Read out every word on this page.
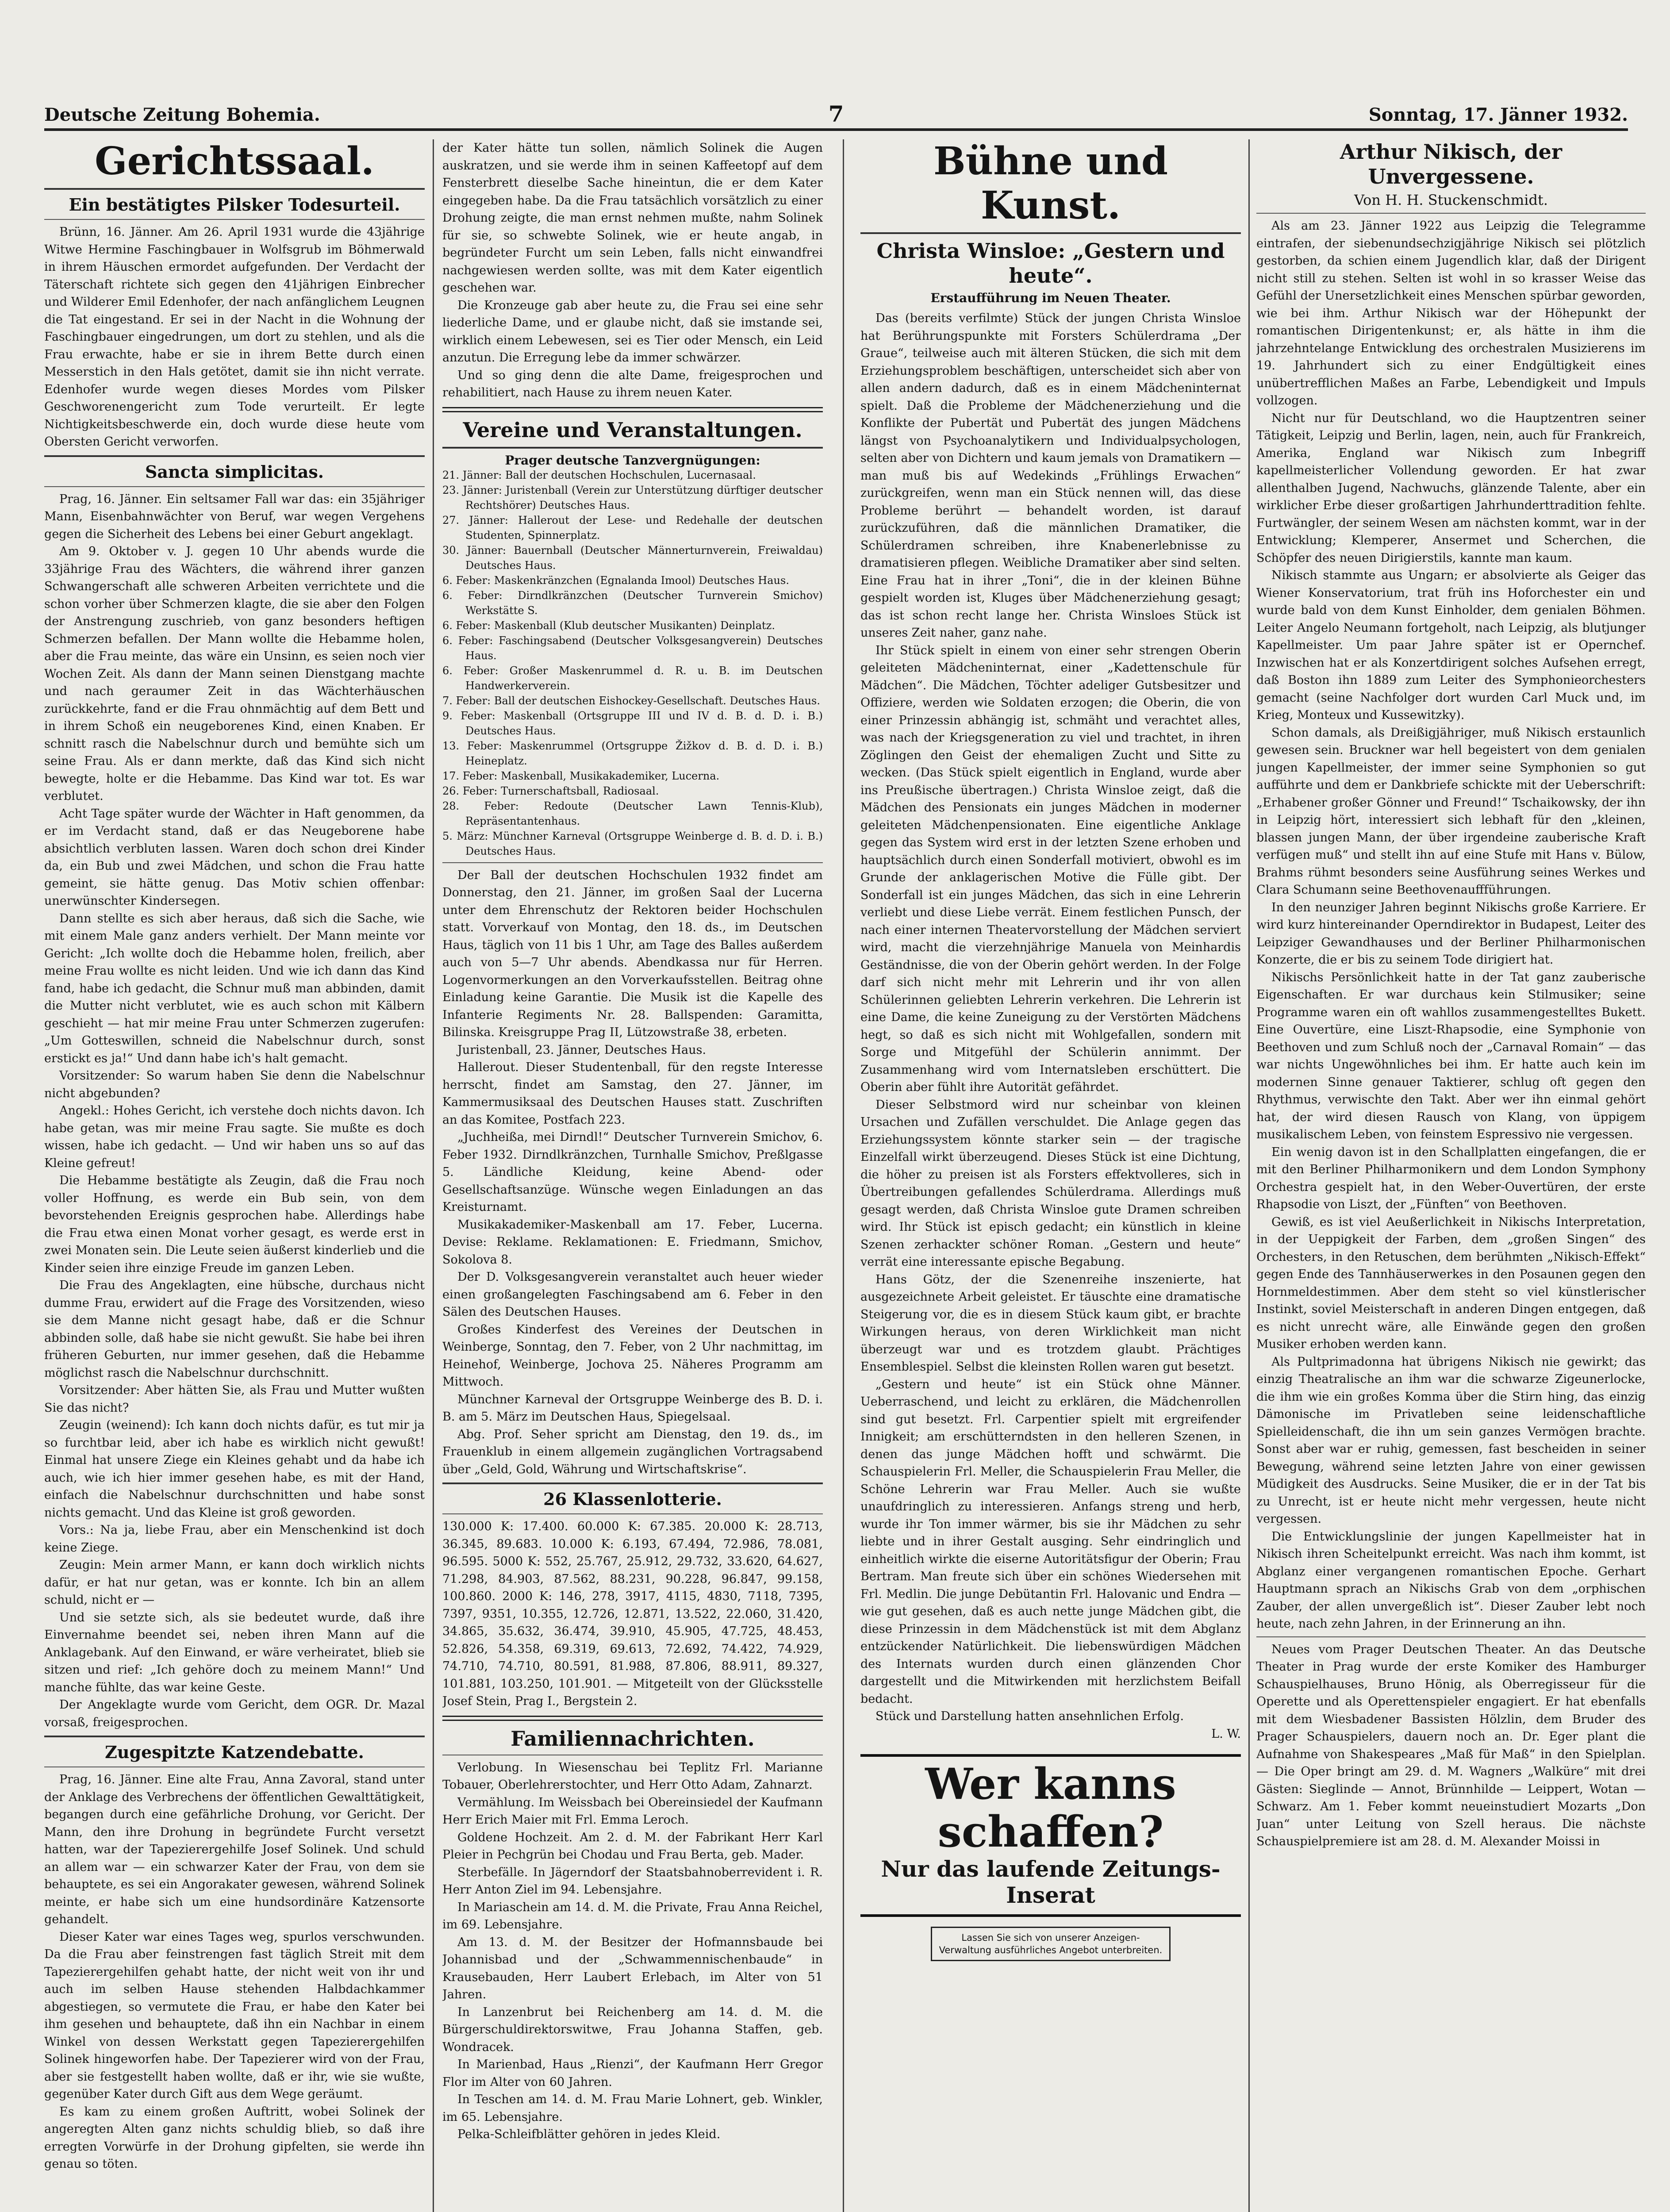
Deutsche Zeitung Bohemia.	7	Sonntag, 17. Jänner 1932.
Gerichtssaal.
Ein bestätigtes Pilsker Todesurteil.

Brünn, 16. Jänner. Am 26. April 1931 wurde die 43jährige Witwe Hermine Faschingbauer in Wolfsgrub im Böhmerwald in ihrem Häuschen ermordet aufgefunden. Der Verdacht der Täterschaft richtete sich gegen den 41jährigen Einbrecher und Wilderer Emil Edenhofer, der nach anfänglichem Leugnen die Tat eingestand. Er sei in der Nacht in die Wohnung der Faschingbauer eingedrungen, um dort zu stehlen, und als die Frau erwachte, habe er sie in ihrem Bette durch einen Messerstich in den Hals getötet, damit sie ihn nicht verrate. Edenhofer wurde wegen dieses Mordes vom Pilsker Geschworenengericht zum Tode verurteilt. Er legte Nichtigkeitsbeschwerde ein, doch wurde diese heute vom Obersten Gericht verworfen.

Sancta simplicitas.

Prag, 16. Jänner. Ein seltsamer Fall war das: ein 35jähriger Mann, Eisenbahnwächter von Beruf, war wegen Vergehens gegen die Sicherheit des Lebens bei einer Geburt angeklagt.

Am 9. Oktober v. J. gegen 10 Uhr abends wurde die 33jährige Frau des Wächters, die während ihrer ganzen Schwangerschaft alle schweren Arbeiten verrichtete und die schon vorher über Schmerzen klagte, die sie aber den Folgen der Anstrengung zuschrieb, von ganz besonders heftigen Schmerzen befallen. Der Mann wollte die Hebamme holen, aber die Frau meinte, das wäre ein Unsinn, es seien noch vier Wochen Zeit. Als dann der Mann seinen Dienstgang machte und nach geraumer Zeit in das Wächterhäuschen zurückkehrte, fand er die Frau ohnmächtig auf dem Bett und in ihrem Schoß ein neugeborenes Kind, einen Knaben. Er schnitt rasch die Nabelschnur durch und bemühte sich um seine Frau. Als er dann merkte, daß das Kind sich nicht bewegte, holte er die Hebamme. Das Kind war tot. Es war verblutet.

Acht Tage später wurde der Wächter in Haft genommen, da er im Verdacht stand, daß er das Neugeborene habe absichtlich verbluten lassen. Waren doch schon drei Kinder da, ein Bub und zwei Mädchen, und schon die Frau hatte gemeint, sie hätte genug. Das Motiv schien offenbar: unerwünschter Kindersegen.

Dann stellte es sich aber heraus, daß sich die Sache, wie mit einem Male ganz anders verhielt. Der Mann meinte vor Gericht: „Ich wollte doch die Hebamme holen, freilich, aber meine Frau wollte es nicht leiden. Und wie ich dann das Kind fand, habe ich gedacht, die Schnur muß man abbinden, damit die Mutter nicht verblutet, wie es auch schon mit Kälbern geschieht — hat mir meine Frau unter Schmerzen zugerufen: „Um Gotteswillen, schneid die Nabelschnur durch, sonst erstickt es ja!“ Und dann habe ich's halt gemacht.

Vorsitzender: So warum haben Sie denn die Nabelschnur nicht abgebunden?

Angekl.: Hohes Gericht, ich verstehe doch nichts davon. Ich habe getan, was mir meine Frau sagte. Sie mußte es doch wissen, habe ich gedacht. — Und wir haben uns so auf das Kleine gefreut!

Die Hebamme bestätigte als Zeugin, daß die Frau noch voller Hoffnung, es werde ein Bub sein, von dem bevorstehenden Ereignis gesprochen habe. Allerdings habe die Frau etwa einen Monat vorher gesagt, es werde erst in zwei Monaten sein. Die Leute seien äußerst kinderlieb und die Kinder seien ihre einzige Freude im ganzen Leben.

Die Frau des Angeklagten, eine hübsche, durchaus nicht dumme Frau, erwidert auf die Frage des Vorsitzenden, wieso sie dem Manne nicht gesagt habe, daß er die Schnur abbinden solle, daß habe sie nicht gewußt. Sie habe bei ihren früheren Geburten, nur immer gesehen, daß die Hebamme möglichst rasch die Nabelschnur durchschnitt.

Vorsitzender: Aber hätten Sie, als Frau und Mutter wußten Sie das nicht?

Zeugin (weinend): Ich kann doch nichts dafür, es tut mir ja so furchtbar leid, aber ich habe es wirklich nicht gewußt! Einmal hat unsere Ziege ein Kleines gehabt und da habe ich auch, wie ich hier immer gesehen habe, es mit der Hand, einfach die Nabelschnur durchschnitten und habe sonst nichts gemacht. Und das Kleine ist groß geworden.

Vors.: Na ja, liebe Frau, aber ein Menschenkind ist doch keine Ziege.

Zeugin: Mein armer Mann, er kann doch wirklich nichts dafür, er hat nur getan, was er konnte. Ich bin an allem schuld, nicht er —

Und sie setzte sich, als sie bedeutet wurde, daß ihre Einvernahme beendet sei, neben ihren Mann auf die Anklagebank. Auf den Einwand, er wäre verheiratet, blieb sie sitzen und rief: „Ich gehöre doch zu meinem Mann!“ Und manche fühlte, das war keine Geste.

Der Angeklagte wurde vom Gericht, dem OGR. Dr. Mazal vorsaß, freigesprochen.

Zugespitzte Katzendebatte.

Prag, 16. Jänner. Eine alte Frau, Anna Zavoral, stand unter der Anklage des Verbrechens der öffentlichen Gewalttätigkeit, begangen durch eine gefährliche Drohung, vor Gericht. Der Mann, den ihre Drohung in begründete Furcht versetzt hatten, war der Tapezierergehilfe Josef Solinek. Und schuld an allem war — ein schwarzer Kater der Frau, von dem sie behauptete, es sei ein Angorakater gewesen, während Solinek meinte, er habe sich um eine hundsordinäre Katzensorte gehandelt.

Dieser Kater war eines Tages weg, spurlos verschwunden. Da die Frau aber feinstrengen fast täglich Streit mit dem Tapezierergehilfen gehabt hatte, der nicht weit von ihr und auch im selben Hause stehenden Halbdachkammer abgestiegen, so vermutete die Frau, er habe den Kater bei ihm gesehen und behauptete, daß ihn ein Nachbar in einem Winkel von dessen Werkstatt gegen Tapezierergehilfen Solinek hingeworfen habe. Der Tapezierer wird von der Frau, aber sie festgestellt haben wollte, daß er ihr, wie sie wußte, gegenüber Kater durch Gift aus dem Wege geräumt.

Es kam zu einem großen Auftritt, wobei Solinek der angeregten Alten ganz nichts schuldig blieb, so daß ihre erregten Vorwürfe in der Drohung gipfelten, sie werde ihn genau so töten.

der Kater hätte tun sollen, nämlich Solinek die Augen auskratzen, und sie werde ihm in seinen Kaffeetopf auf dem Fensterbrett dieselbe Sache hineintun, die er dem Kater eingegeben habe. Da die Frau tatsächlich vorsätzlich zu einer Drohung zeigte, die man ernst nehmen mußte, nahm Solinek für sie, so schwebte Solinek, wie er heute angab, in begründeter Furcht um sein Leben, falls nicht einwandfrei nachgewiesen werden sollte, was mit dem Kater eigentlich geschehen war.

Die Kronzeuge gab aber heute zu, die Frau sei eine sehr liederliche Dame, und er glaube nicht, daß sie imstande sei, wirklich einem Lebewesen, sei es Tier oder Mensch, ein Leid anzutun. Die Erregung lebe da immer schwärzer.

Und so ging denn die alte Dame, freigesprochen und rehabilitiert, nach Hause zu ihrem neuen Kater.

Vereine und Veranstaltungen.
Prager deutsche Tanzvergnügungen:
21. Jänner: Ball der deutschen Hochschulen, Lucernasaal.
23. Jänner: Juristenball (Verein zur Unterstützung dürftiger deutscher Rechtshörer) Deutsches Haus.
27. Jänner: Hallerout der Lese- und Redehalle der deutschen Studenten, Spinnerplatz.
30. Jänner: Bauernball (Deutscher Männerturnverein, Freiwaldau) Deutsches Haus.
6. Feber: Maskenkränzchen (Egnalanda Imool) Deutsches Haus.
6. Feber: Dirndlkränzchen (Deutscher Turnverein Smichov) Werkstätte S.
6. Feber: Maskenball (Klub deutscher Musikanten) Deinplatz.
6. Feber: Faschingsabend (Deutscher Volksgesangverein) Deutsches Haus.
6. Feber: Großer Maskenrummel d. R. u. B. im Deutschen Handwerkerverein.
7. Feber: Ball der deutschen Eishockey-Gesellschaft. Deutsches Haus.
9. Feber: Maskenball (Ortsgruppe III und IV d. B. d. D. i. B.) Deutsches Haus.
13. Feber: Maskenrummel (Ortsgruppe Žižkov d. B. d. D. i. B.) Heineplatz.
17. Feber: Maskenball, Musikakademiker, Lucerna.
26. Feber: Turnerschaftsball, Radiosaal.
28. Feber: Redoute (Deutscher Lawn Tennis-Klub), Repräsentantenhaus.
5. März: Münchner Karneval (Ortsgruppe Weinberge d. B. d. D. i. B.) Deutsches Haus.

Der Ball der deutschen Hochschulen 1932 findet am Donnerstag, den 21. Jänner, im großen Saal der Lucerna unter dem Ehrenschutz der Rektoren beider Hochschulen statt. Vorverkauf von Montag, den 18. ds., im Deutschen Haus, täglich von 11 bis 1 Uhr, am Tage des Balles außerdem auch von 5—7 Uhr abends. Abendkassa nur für Herren. Logenvormerkungen an den Vorverkaufsstellen. Beitrag ohne Einladung keine Garantie. Die Musik ist die Kapelle des Infanterie Regiments Nr. 28. Ballspenden: Garamitta, Bilinska. Kreisgruppe Prag II, Lützowstraße 38, erbeten.

Juristenball, 23. Jänner, Deutsches Haus.

Hallerout. Dieser Studentenball, für den regste Interesse herrscht, findet am Samstag, den 27. Jänner, im Kammermusiksaal des Deutschen Hauses statt. Zuschriften an das Komitee, Postfach 223.

„Juchheißa, mei Dirndl!“ Deutscher Turnverein Smichov, 6. Feber 1932. Dirndlkränzchen, Turnhalle Smichov, Preßlgasse 5. Ländliche Kleidung, keine Abend- oder Gesellschaftsanzüge. Wünsche wegen Einladungen an das Kreisturnamt.

Musikakademiker-Maskenball am 17. Feber, Lucerna. Devise: Reklame. Reklamationen: E. Friedmann, Smichov, Sokolova 8.

Der D. Volksgesangverein veranstaltet auch heuer wieder einen großangelegten Faschingsabend am 6. Feber in den Sälen des Deutschen Hauses.

Großes Kinderfest des Vereines der Deutschen in Weinberge, Sonntag, den 7. Feber, von 2 Uhr nachmittag, im Heinehof, Weinberge, Jochova 25. Näheres Programm am Mittwoch.

Münchner Karneval der Ortsgruppe Weinberge des B. D. i. B. am 5. März im Deutschen Haus, Spiegelsaal.

Abg. Prof. Seher spricht am Dienstag, den 19. ds., im Frauenklub in einem allgemein zugänglichen Vortragsabend über „Geld, Gold, Währung und Wirtschaftskrise“.

26 Klassenlotterie.

130.000 K: 17.400. 60.000 K: 67.385. 20.000 K: 28.713, 36.345, 89.683. 10.000 K: 6.193, 67.494, 72.986, 78.081, 96.595. 5000 K: 552, 25.767, 25.912, 29.732, 33.620, 64.627, 71.298, 84.903, 87.562, 88.231, 90.228, 96.847, 99.158, 100.860. 2000 K: 146, 278, 3917, 4115, 4830, 7118, 7395, 7397, 9351, 10.355, 12.726, 12.871, 13.522, 22.060, 31.420, 34.865, 35.632, 36.474, 39.910, 45.905, 47.725, 48.453, 52.826, 54.358, 69.319, 69.613, 72.692, 74.422, 74.929, 74.710, 74.710, 80.591, 81.988, 87.806, 88.911, 89.327, 101.881, 103.250, 101.901. — Mitgeteilt von der Glücksstelle Josef Stein, Prag I., Bergstein 2.

Familiennachrichten.

Verlobung. In Wiesenschau bei Teplitz Frl. Marianne Tobauer, Oberlehrerstochter, und Herr Otto Adam, Zahnarzt.

Vermählung. Im Weissbach bei Obereinsiedel der Kaufmann Herr Erich Maier mit Frl. Emma Leroch.

Goldene Hochzeit. Am 2. d. M. der Fabrikant Herr Karl Pleier in Pechgrün bei Chodau und Frau Berta, geb. Mader.

Sterbefälle. In Jägerndorf der Staatsbahnoberrevident i. R. Herr Anton Ziel im 94. Lebensjahre.

In Mariaschein am 14. d. M. die Private, Frau Anna Reichel, im 69. Lebensjahre.

Am 13. d. M. der Besitzer der Hofmannsbaude bei Johannisbad und der „Schwammennischenbaude“ in Krausebauden, Herr Laubert Erlebach, im Alter von 51 Jahren.

In Lanzenbrut bei Reichenberg am 14. d. M. die Bürgerschuldirektorswitwe, Frau Johanna Staffen, geb. Wondracek.

In Marienbad, Haus „Rienzi“, der Kaufmann Herr Gregor Flor im Alter von 60 Jahren.

In Teschen am 14. d. M. Frau Marie Lohnert, geb. Winkler, im 65. Lebensjahre.

Pelka-Schleifblätter gehören in jedes Kleid.

Bühne und Kunst.
Christa Winsloe: „Gestern und heute“.
Erstaufführung im Neuen Theater.

Das (bereits verfilmte) Stück der jungen Christa Winsloe hat Berührungspunkte mit Forsters Schülerdrama „Der Graue“, teilweise auch mit älteren Stücken, die sich mit dem Erziehungsproblem beschäftigen, unterscheidet sich aber von allen andern dadurch, daß es in einem Mädcheninternat spielt. Daß die Probleme der Mädchenerziehung und die Konflikte der Pubertät und Pubertät des jungen Mädchens längst von Psychoanalytikern und Individualpsychologen, selten aber von Dichtern und kaum jemals von Dramatikern — man muß bis auf Wedekinds „Frühlings Erwachen“ zurückgreifen, wenn man ein Stück nennen will, das diese Probleme berührt — behandelt worden, ist darauf zurückzuführen, daß die männlichen Dramatiker, die Schülerdramen schreiben, ihre Knabenerlebnisse zu dramatisieren pflegen. Weibliche Dramatiker aber sind selten. Eine Frau hat in ihrer „Toni“, die in der kleinen Bühne gespielt worden ist, Kluges über Mädchenerziehung gesagt; das ist schon recht lange her. Christa Winsloes Stück ist unseres Zeit naher, ganz nahe.

Ihr Stück spielt in einem von einer sehr strengen Oberin geleiteten Mädcheninternat, einer „Kadettenschule für Mädchen“. Die Mädchen, Töchter adeliger Gutsbesitzer und Offiziere, werden wie Soldaten erzogen; die Oberin, die von einer Prinzessin abhängig ist, schmäht und verachtet alles, was nach der Kriegsgeneration zu viel und trachtet, in ihren Zöglingen den Geist der ehemaligen Zucht und Sitte zu wecken. (Das Stück spielt eigentlich in England, wurde aber ins Preußische übertragen.) Christa Winsloe zeigt, daß die Mädchen des Pensionats ein junges Mädchen in moderner geleiteten Mädchenpensionaten. Eine eigentliche Anklage gegen das System wird erst in der letzten Szene erhoben und hauptsächlich durch einen Sonderfall motiviert, obwohl es im Grunde der anklagerischen Motive die Fülle gibt. Der Sonderfall ist ein junges Mädchen, das sich in eine Lehrerin verliebt und diese Liebe verrät. Einem festlichen Punsch, der nach einer internen Theatervorstellung der Mädchen serviert wird, macht die vierzehnjährige Manuela von Meinhardis Geständnisse, die von der Oberin gehört werden. In der Folge darf sich nicht mehr mit Lehrerin und ihr von allen Schülerinnen geliebten Lehrerin verkehren. Die Lehrerin ist eine Dame, die keine Zuneigung zu der Verstörten Mädchens hegt, so daß es sich nicht mit Wohlgefallen, sondern mit Sorge und Mitgefühl der Schülerin annimmt. Der Zusammenhang wird vom Internatsleben erschüttert. Die Oberin aber fühlt ihre Autorität gefährdet.

Dieser Selbstmord wird nur scheinbar von kleinen Ursachen und Zufällen verschuldet. Die Anlage gegen das Erziehungssystem könnte starker sein — der tragische Einzelfall wirkt überzeugend. Dieses Stück ist eine Dichtung, die höher zu preisen ist als Forsters effektvolleres, sich in Übertreibungen gefallendes Schülerdrama. Allerdings muß gesagt werden, daß Christa Winsloe gute Dramen schreiben wird. Ihr Stück ist episch gedacht; ein künstlich in kleine Szenen zerhackter schöner Roman. „Gestern und heute“ verrät eine interessante epische Begabung.

Hans Götz, der die Szenenreihe inszenierte, hat ausgezeichnete Arbeit geleistet. Er täuschte eine dramatische Steigerung vor, die es in diesem Stück kaum gibt, er brachte Wirkungen heraus, von deren Wirklichkeit man nicht überzeugt war und es trotzdem glaubt. Prächtiges Ensemblespiel. Selbst die kleinsten Rollen waren gut besetzt.

„Gestern und heute“ ist ein Stück ohne Männer. Ueberraschend, und leicht zu erklären, die Mädchenrollen sind gut besetzt. Frl. Carpentier spielt mit ergreifender Innigkeit; am erschütterndsten in den helleren Szenen, in denen das junge Mädchen hofft und schwärmt. Die Schauspielerin Frl. Meller, die Schauspielerin Frau Meller, die Schöne Lehrerin war Frau Meller. Auch sie wußte unaufdringlich zu interessieren. Anfangs streng und herb, wurde ihr Ton immer wärmer, bis sie ihr Mädchen zu sehr liebte und in ihrer Gestalt ausging. Sehr eindringlich und einheitlich wirkte die eiserne Autoritätsfigur der Oberin; Frau Bertram. Man freute sich über ein schönes Wiedersehen mit Frl. Medlin. Die junge Debütantin Frl. Halovanic und Endra — wie gut gesehen, daß es auch nette junge Mädchen gibt, die diese Prinzessin in dem Mädchenstück ist mit dem Abglanz entzückender Natürlichkeit. Die liebenswürdigen Mädchen des Internats wurden durch einen glänzenden Chor dargestellt und die Mitwirkenden mit herzlichstem Beifall bedacht.

Stück und Darstellung hatten ansehnlichen Erfolg.

L. W.
Wer kanns schaffen?
Nur das laufende Zeitungs-Inserat
Lassen Sie sich von unserer Anzeigen-Verwaltung ausführliches Angebot unterbreiten.
Arthur Nikisch, der Unvergessene.
Von H. H. Stuckenschmidt.

Als am 23. Jänner 1922 aus Leipzig die Telegramme eintrafen, der siebenundsechzigjährige Nikisch sei plötzlich gestorben, da schien einem Jugendlich klar, daß der Dirigent nicht still zu stehen. Selten ist wohl in so krasser Weise das Gefühl der Unersetzlichkeit eines Menschen spürbar geworden, wie bei ihm. Arthur Nikisch war der Höhepunkt der romantischen Dirigentenkunst; er, als hätte in ihm die jahrzehntelange Entwicklung des orchestralen Musizierens im 19. Jahrhundert sich zu einer Endgültigkeit eines unübertrefflichen Maßes an Farbe, Lebendigkeit und Impuls vollzogen.

Nicht nur für Deutschland, wo die Hauptzentren seiner Tätigkeit, Leipzig und Berlin, lagen, nein, auch für Frankreich, Amerika, England war Nikisch zum Inbegriff kapellmeisterlicher Vollendung geworden. Er hat zwar allenthalben Jugend, Nachwuchs, glänzende Talente, aber ein wirklicher Erbe dieser großartigen Jahrhunderttradition fehlte. Furtwängler, der seinem Wesen am nächsten kommt, war in der Entwicklung; Klemperer, Ansermet und Scherchen, die Schöpfer des neuen Dirigierstils, kannte man kaum.

Nikisch stammte aus Ungarn; er absolvierte als Geiger das Wiener Konservatorium, trat früh ins Hoforchester ein und wurde bald von dem Kunst Einholder, dem genialen Böhmen. Leiter Angelo Neumann fortgeholt, nach Leipzig, als blutjunger Kapellmeister. Um paar Jahre später ist er Opernchef. Inzwischen hat er als Konzertdirigent solches Aufsehen erregt, daß Boston ihn 1889 zum Leiter des Symphonieorchesters gemacht (seine Nachfolger dort wurden Carl Muck und, im Krieg, Monteux und Kussewitzky).

Schon damals, als Dreißigjähriger, muß Nikisch erstaunlich gewesen sein. Bruckner war hell begeistert von dem genialen jungen Kapellmeister, der immer seine Symphonien so gut aufführte und dem er Dankbriefe schickte mit der Ueberschrift: „Erhabener großer Gönner und Freund!“ Tschaikowsky, der ihn in Leipzig hört, interessiert sich lebhaft für den „kleinen, blassen jungen Mann, der über irgendeine zauberische Kraft verfügen muß“ und stellt ihn auf eine Stufe mit Hans v. Bülow, Brahms rühmt besonders seine Ausführung seines Werkes und Clara Schumann seine Beethovenauffführungen.

In den neunziger Jahren beginnt Nikischs große Karriere. Er wird kurz hintereinander Operndirektor in Budapest, Leiter des Leipziger Gewandhauses und der Berliner Philharmonischen Konzerte, die er bis zu seinem Tode dirigiert hat.

Nikischs Persönlichkeit hatte in der Tat ganz zauberische Eigenschaften. Er war durchaus kein Stilmusiker; seine Programme waren ein oft wahllos zusammengestelltes Bukett. Eine Ouvertüre, eine Liszt-Rhapsodie, eine Symphonie von Beethoven und zum Schluß noch der „Carnaval Romain“ — das war nichts Ungewöhnliches bei ihm. Er hatte auch kein im modernen Sinne genauer Taktierer, schlug oft gegen den Rhythmus, verwischte den Takt. Aber wer ihn einmal gehört hat, der wird diesen Rausch von Klang, von üppigem musikalischem Leben, von feinstem Espressivo nie vergessen.

Ein wenig davon ist in den Schallplatten eingefangen, die er mit den Berliner Philharmonikern und dem London Symphony Orchestra gespielt hat, in den Weber-Ouvertüren, der erste Rhapsodie von Liszt, der „Fünften“ von Beethoven.

Gewiß, es ist viel Aeußerlichkeit in Nikischs Interpretation, in der Ueppigkeit der Farben, dem „großen Singen“ des Orchesters, in den Retuschen, dem berühmten „Nikisch-Effekt“ gegen Ende des Tannhäuserwerkes in den Posaunen gegen den Hornmeldestimmen. Aber dem steht so viel künstlerischer Instinkt, soviel Meisterschaft in anderen Dingen entgegen, daß es nicht unrecht wäre, alle Einwände gegen den großen Musiker erhoben werden kann.

Als Pultprimadonna hat übrigens Nikisch nie gewirkt; das einzig Theatralische an ihm war die schwarze Zigeunerlocke, die ihm wie ein großes Komma über die Stirn hing, das einzig Dämonische im Privatleben seine leidenschaftliche Spielleidenschaft, die ihn um sein ganzes Vermögen brachte. Sonst aber war er ruhig, gemessen, fast bescheiden in seiner Bewegung, während seine letzten Jahre von einer gewissen Müdigkeit des Ausdrucks. Seine Musiker, die er in der Tat bis zu Unrecht, ist er heute nicht mehr vergessen, heute nicht vergessen.

Die Entwicklungslinie der jungen Kapellmeister hat in Nikisch ihren Scheitelpunkt erreicht. Was nach ihm kommt, ist Abglanz einer vergangenen romantischen Epoche. Gerhart Hauptmann sprach an Nikischs Grab von dem „orphischen Zauber, der allen unvergeßlich ist“. Dieser Zauber lebt noch heute, nach zehn Jahren, in der Erinnerung an ihn.

Neues vom Prager Deutschen Theater. An das Deutsche Theater in Prag wurde der erste Komiker des Hamburger Schauspielhauses, Bruno Hönig, als Oberregisseur für die Operette und als Operettenspieler engagiert. Er hat ebenfalls mit dem Wiesbadener Bassisten Hölzlin, dem Bruder des Prager Schauspielers, dauern noch an. Dr. Eger plant die Aufnahme von Shakespeares „Maß für Maß“ in den Spielplan. — Die Oper bringt am 29. d. M. Wagners „Walküre“ mit drei Gästen: Sieglinde — Annot, Brünnhilde — Leippert, Wotan — Schwarz. Am 1. Feber kommt neueinstudiert Mozarts „Don Juan“ unter Leitung von Szell heraus. Die nächste Schauspielpremiere ist am 28. d. M. Alexander Moissi in
